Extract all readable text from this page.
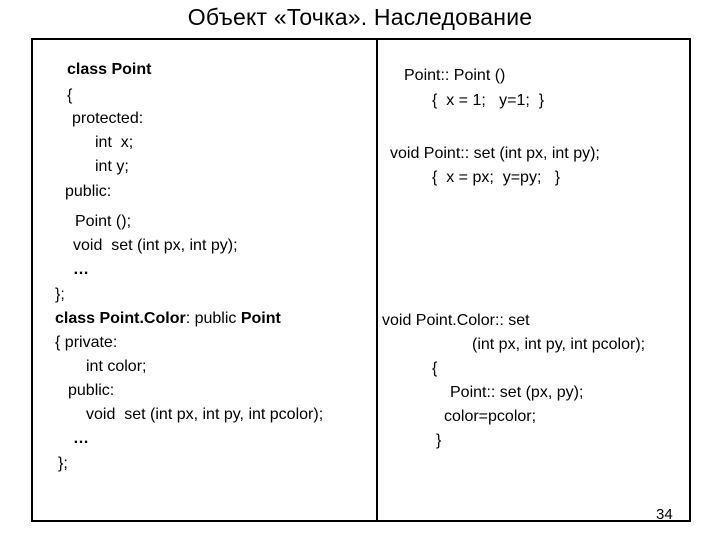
Объект «Точка». Наследование
class Point
{
protected:
int  x;
int y;
public:
Point ();
void  set (int px, int py);
…
};
class Point.Color: public Point
{ private:
int color;
public:
void  set (int px, int py, int pcolor);
…
};
Point:: Point ()
{  x = 1;   y=1;  }
void Point:: set (int px, int py);
{  x = px;  y=py;   }
void Point.Color:: set
(int px, int py, int pcolor);
{
Point:: set (px, py);
color=pcolor;
}
34
